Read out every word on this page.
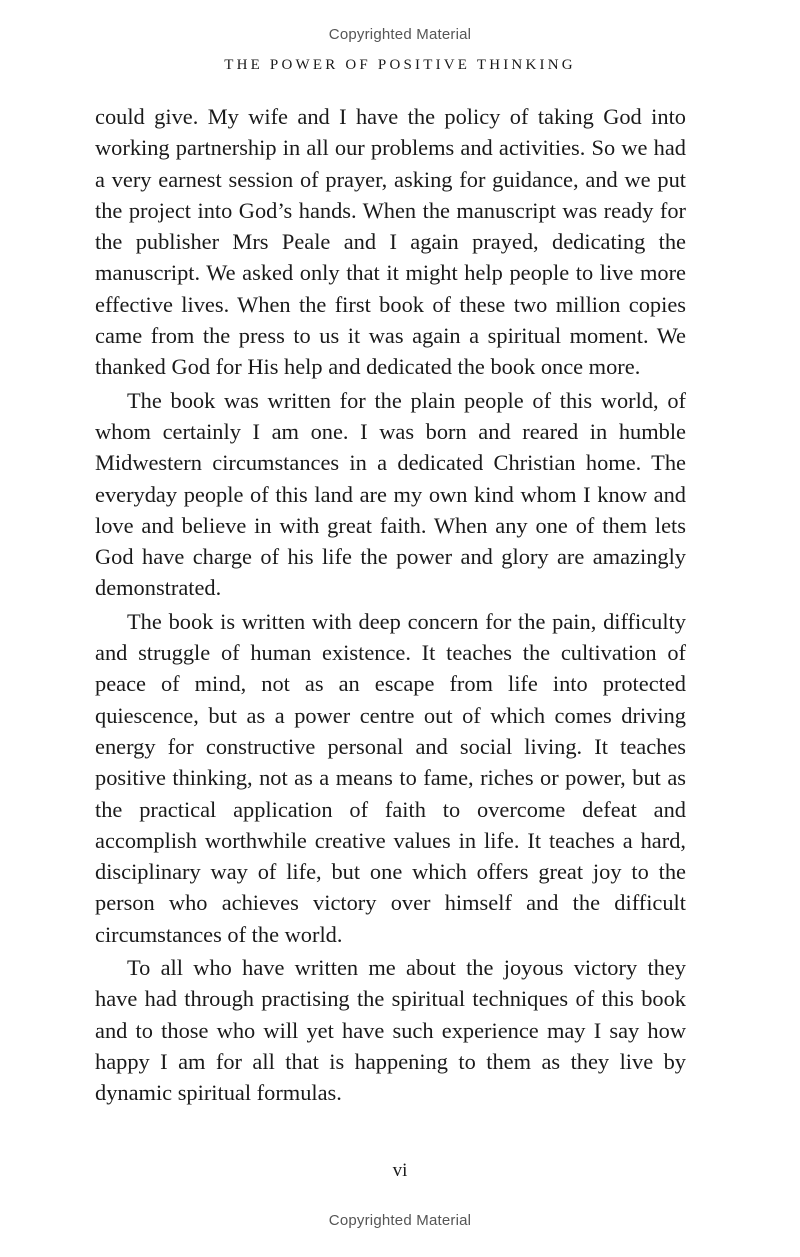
Copyrighted Material
THE POWER OF POSITIVE THINKING

could give. My wife and I have the policy of taking God into working partnership in all our problems and activities. So we had a very earnest session of prayer, asking for guidance, and we put the project into God’s hands. When the manuscript was ready for the publisher Mrs Peale and I again prayed, dedicating the manuscript. We asked only that it might help people to live more effective lives. When the first book of these two million copies came from the press to us it was again a spiritual moment. We thanked God for His help and dedicated the book once more.

The book was written for the plain people of this world, of whom certainly I am one. I was born and reared in humble Midwestern circumstances in a dedicated Christian home. The everyday people of this land are my own kind whom I know and love and believe in with great faith. When any one of them lets God have charge of his life the power and glory are amazingly demonstrated.

The book is written with deep concern for the pain, difficulty and struggle of human existence. It teaches the cultivation of peace of mind, not as an escape from life into protected quiescence, but as a power centre out of which comes driving energy for constructive personal and social living. It teaches positive thinking, not as a means to fame, riches or power, but as the practical application of faith to overcome defeat and accomplish worthwhile creative values in life. It teaches a hard, disciplinary way of life, but one which offers great joy to the person who achieves victory over himself and the difficult circumstances of the world.

To all who have written me about the joyous victory they have had through practising the spiritual techniques of this book and to those who will yet have such experience may I say how happy I am for all that is happening to them as they live by dynamic spiritual formulas.

vi
Copyrighted Material
